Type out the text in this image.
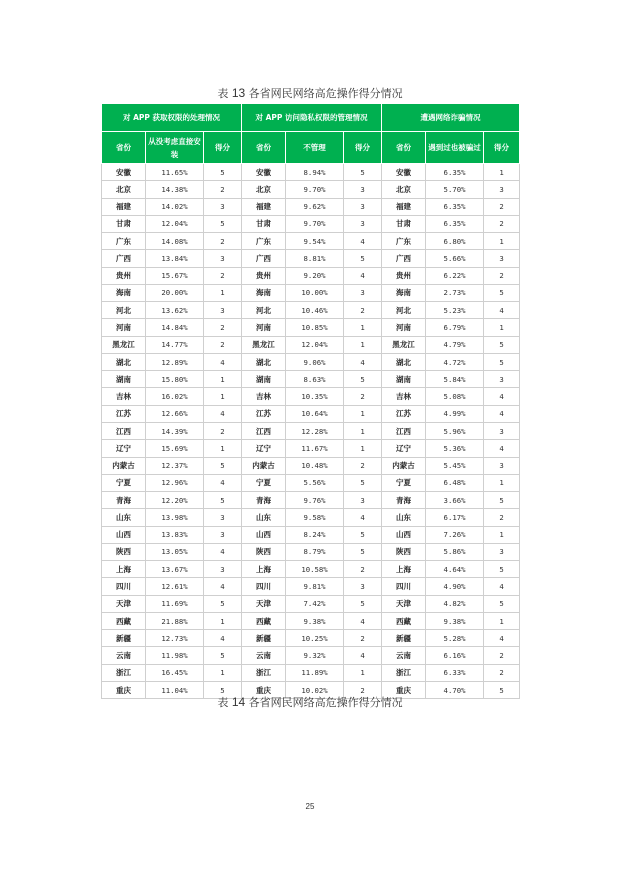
表 13 各省网民网络高危操作得分情况
对 APP 获取权限的处理情况			对 APP 访问隐私权限的管理情况			遭遇网络诈骗情况		
省份	从没考虑直接安装	得分	省份	不管理	得分	省份	遇到过也被骗过	得分
安徽	11.65%	5	安徽	8.94%	5	安徽	6.35%	1
北京	14.38%	2	北京	9.70%	3	北京	5.70%	3
福建	14.02%	3	福建	9.62%	3	福建	6.35%	2
甘肃	12.04%	5	甘肃	9.70%	3	甘肃	6.35%	2
广东	14.08%	2	广东	9.54%	4	广东	6.80%	1
广西	13.84%	3	广西	8.81%	5	广西	5.66%	3
贵州	15.67%	2	贵州	9.20%	4	贵州	6.22%	2
海南	20.00%	1	海南	10.00%	3	海南	2.73%	5
河北	13.62%	3	河北	10.46%	2	河北	5.23%	4
河南	14.84%	2	河南	10.85%	1	河南	6.79%	1
黑龙江	14.77%	2	黑龙江	12.04%	1	黑龙江	4.79%	5
湖北	12.89%	4	湖北	9.06%	4	湖北	4.72%	5
湖南	15.80%	1	湖南	8.63%	5	湖南	5.84%	3
吉林	16.02%	1	吉林	10.35%	2	吉林	5.08%	4
江苏	12.66%	4	江苏	10.64%	1	江苏	4.99%	4
江西	14.39%	2	江西	12.28%	1	江西	5.96%	3
辽宁	15.69%	1	辽宁	11.67%	1	辽宁	5.36%	4
内蒙古	12.37%	5	内蒙古	10.48%	2	内蒙古	5.45%	3
宁夏	12.96%	4	宁夏	5.56%	5	宁夏	6.48%	1
青海	12.20%	5	青海	9.76%	3	青海	3.66%	5
山东	13.98%	3	山东	9.58%	4	山东	6.17%	2
山西	13.83%	3	山西	8.24%	5	山西	7.26%	1
陕西	13.05%	4	陕西	8.79%	5	陕西	5.86%	3
上海	13.67%	3	上海	10.58%	2	上海	4.64%	5
四川	12.61%	4	四川	9.81%	3	四川	4.90%	4
天津	11.69%	5	天津	7.42%	5	天津	4.82%	5
西藏	21.88%	1	西藏	9.38%	4	西藏	9.38%	1
新疆	12.73%	4	新疆	10.25%	2	新疆	5.28%	4
云南	11.98%	5	云南	9.32%	4	云南	6.16%	2
浙江	16.45%	1	浙江	11.89%	1	浙江	6.33%	2
重庆	11.04%	5	重庆	10.02%	2	重庆	4.70%	5
表 14 各省网民网络高危操作得分情况
25
